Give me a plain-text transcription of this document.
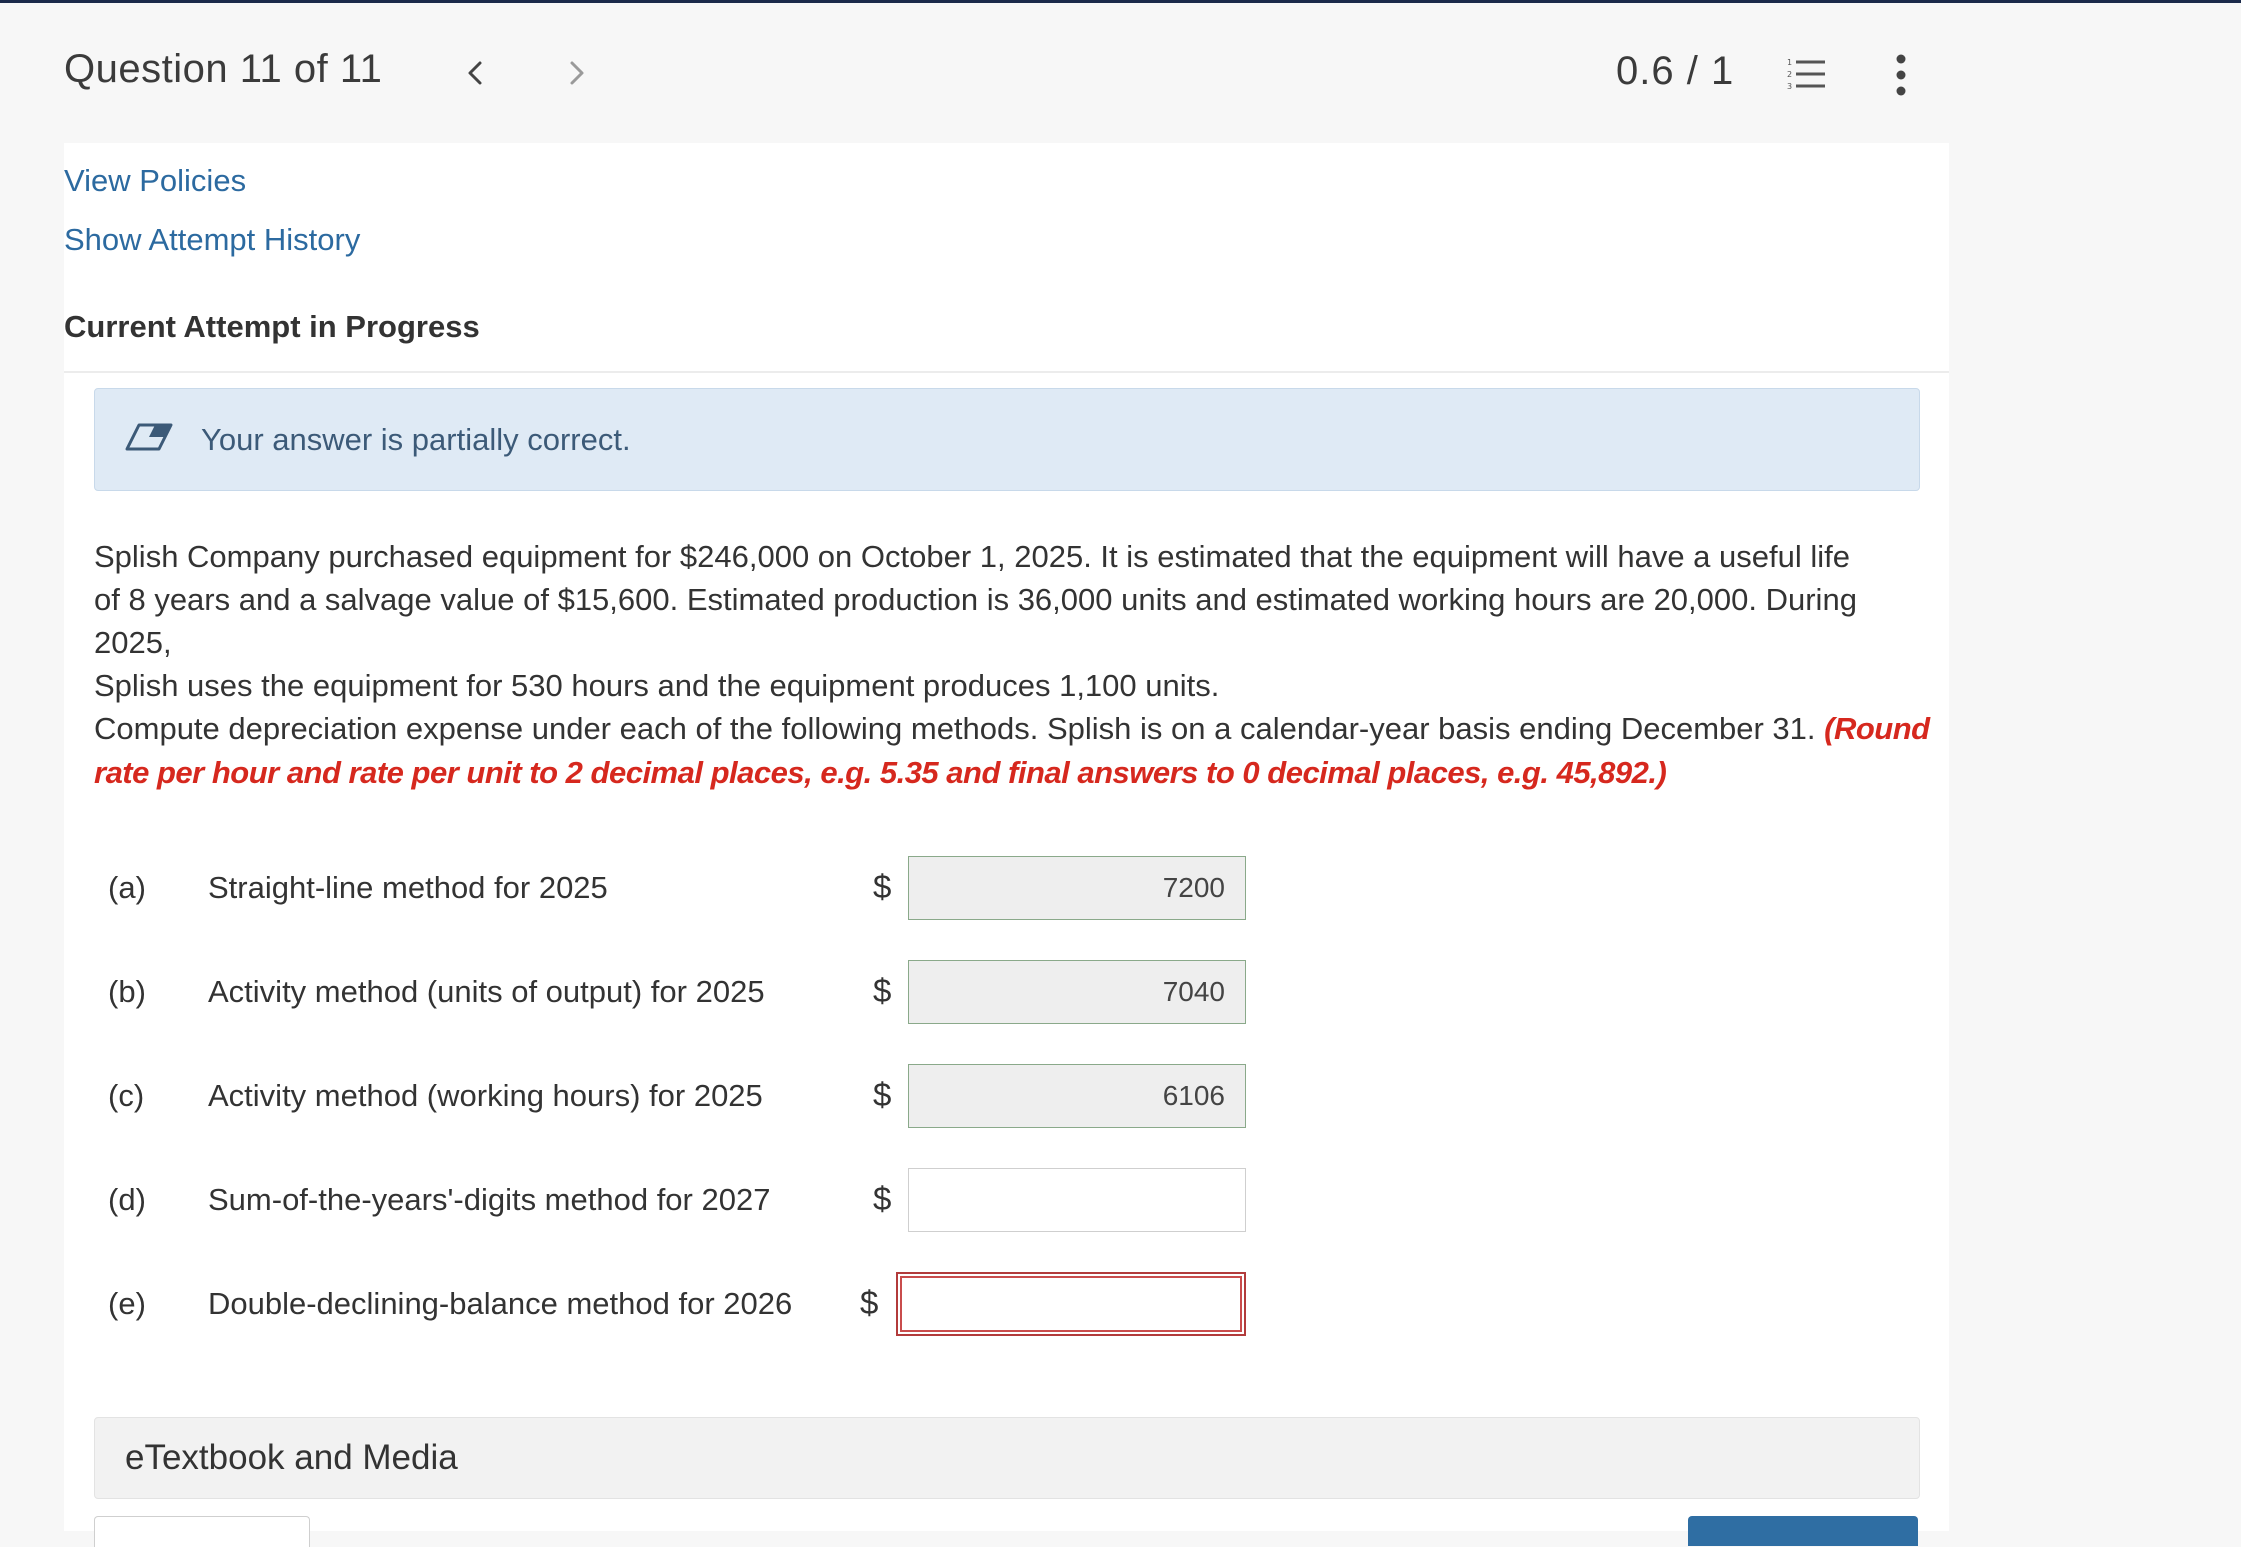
Question 11 of 11	0.6 / 1	1
2
3
View Policies
Show Attempt History
Current Attempt in Progress
Your answer is partially correct.
Splish Company purchased equipment for $246,000 on October 1, 2025. It is estimated that the equipment will have a useful life
of 8 years and a salvage value of $15,600. Estimated production is 36,000 units and estimated working hours are 20,000. During 2025,
Splish uses the equipment for 530 hours and the equipment produces 1,100 units.
Compute depreciation expense under each of the following methods. Splish is on a calendar-year basis ending December 31. (Round rate per hour and rate per unit to 2 decimal places, e.g. 5.35 and final answers to 0 decimal places, e.g. 45,892.)
(a) Straight-line method for 2025	$
7200
(b) Activity method (units of output) for 2025	$
7040
(c) Activity method (working hours) for 2025	$
6106
(d) Sum-of-the-years'-digits method for 2027	$
(e) Double-declining-balance method for 2026 $
eTextbook and Media
